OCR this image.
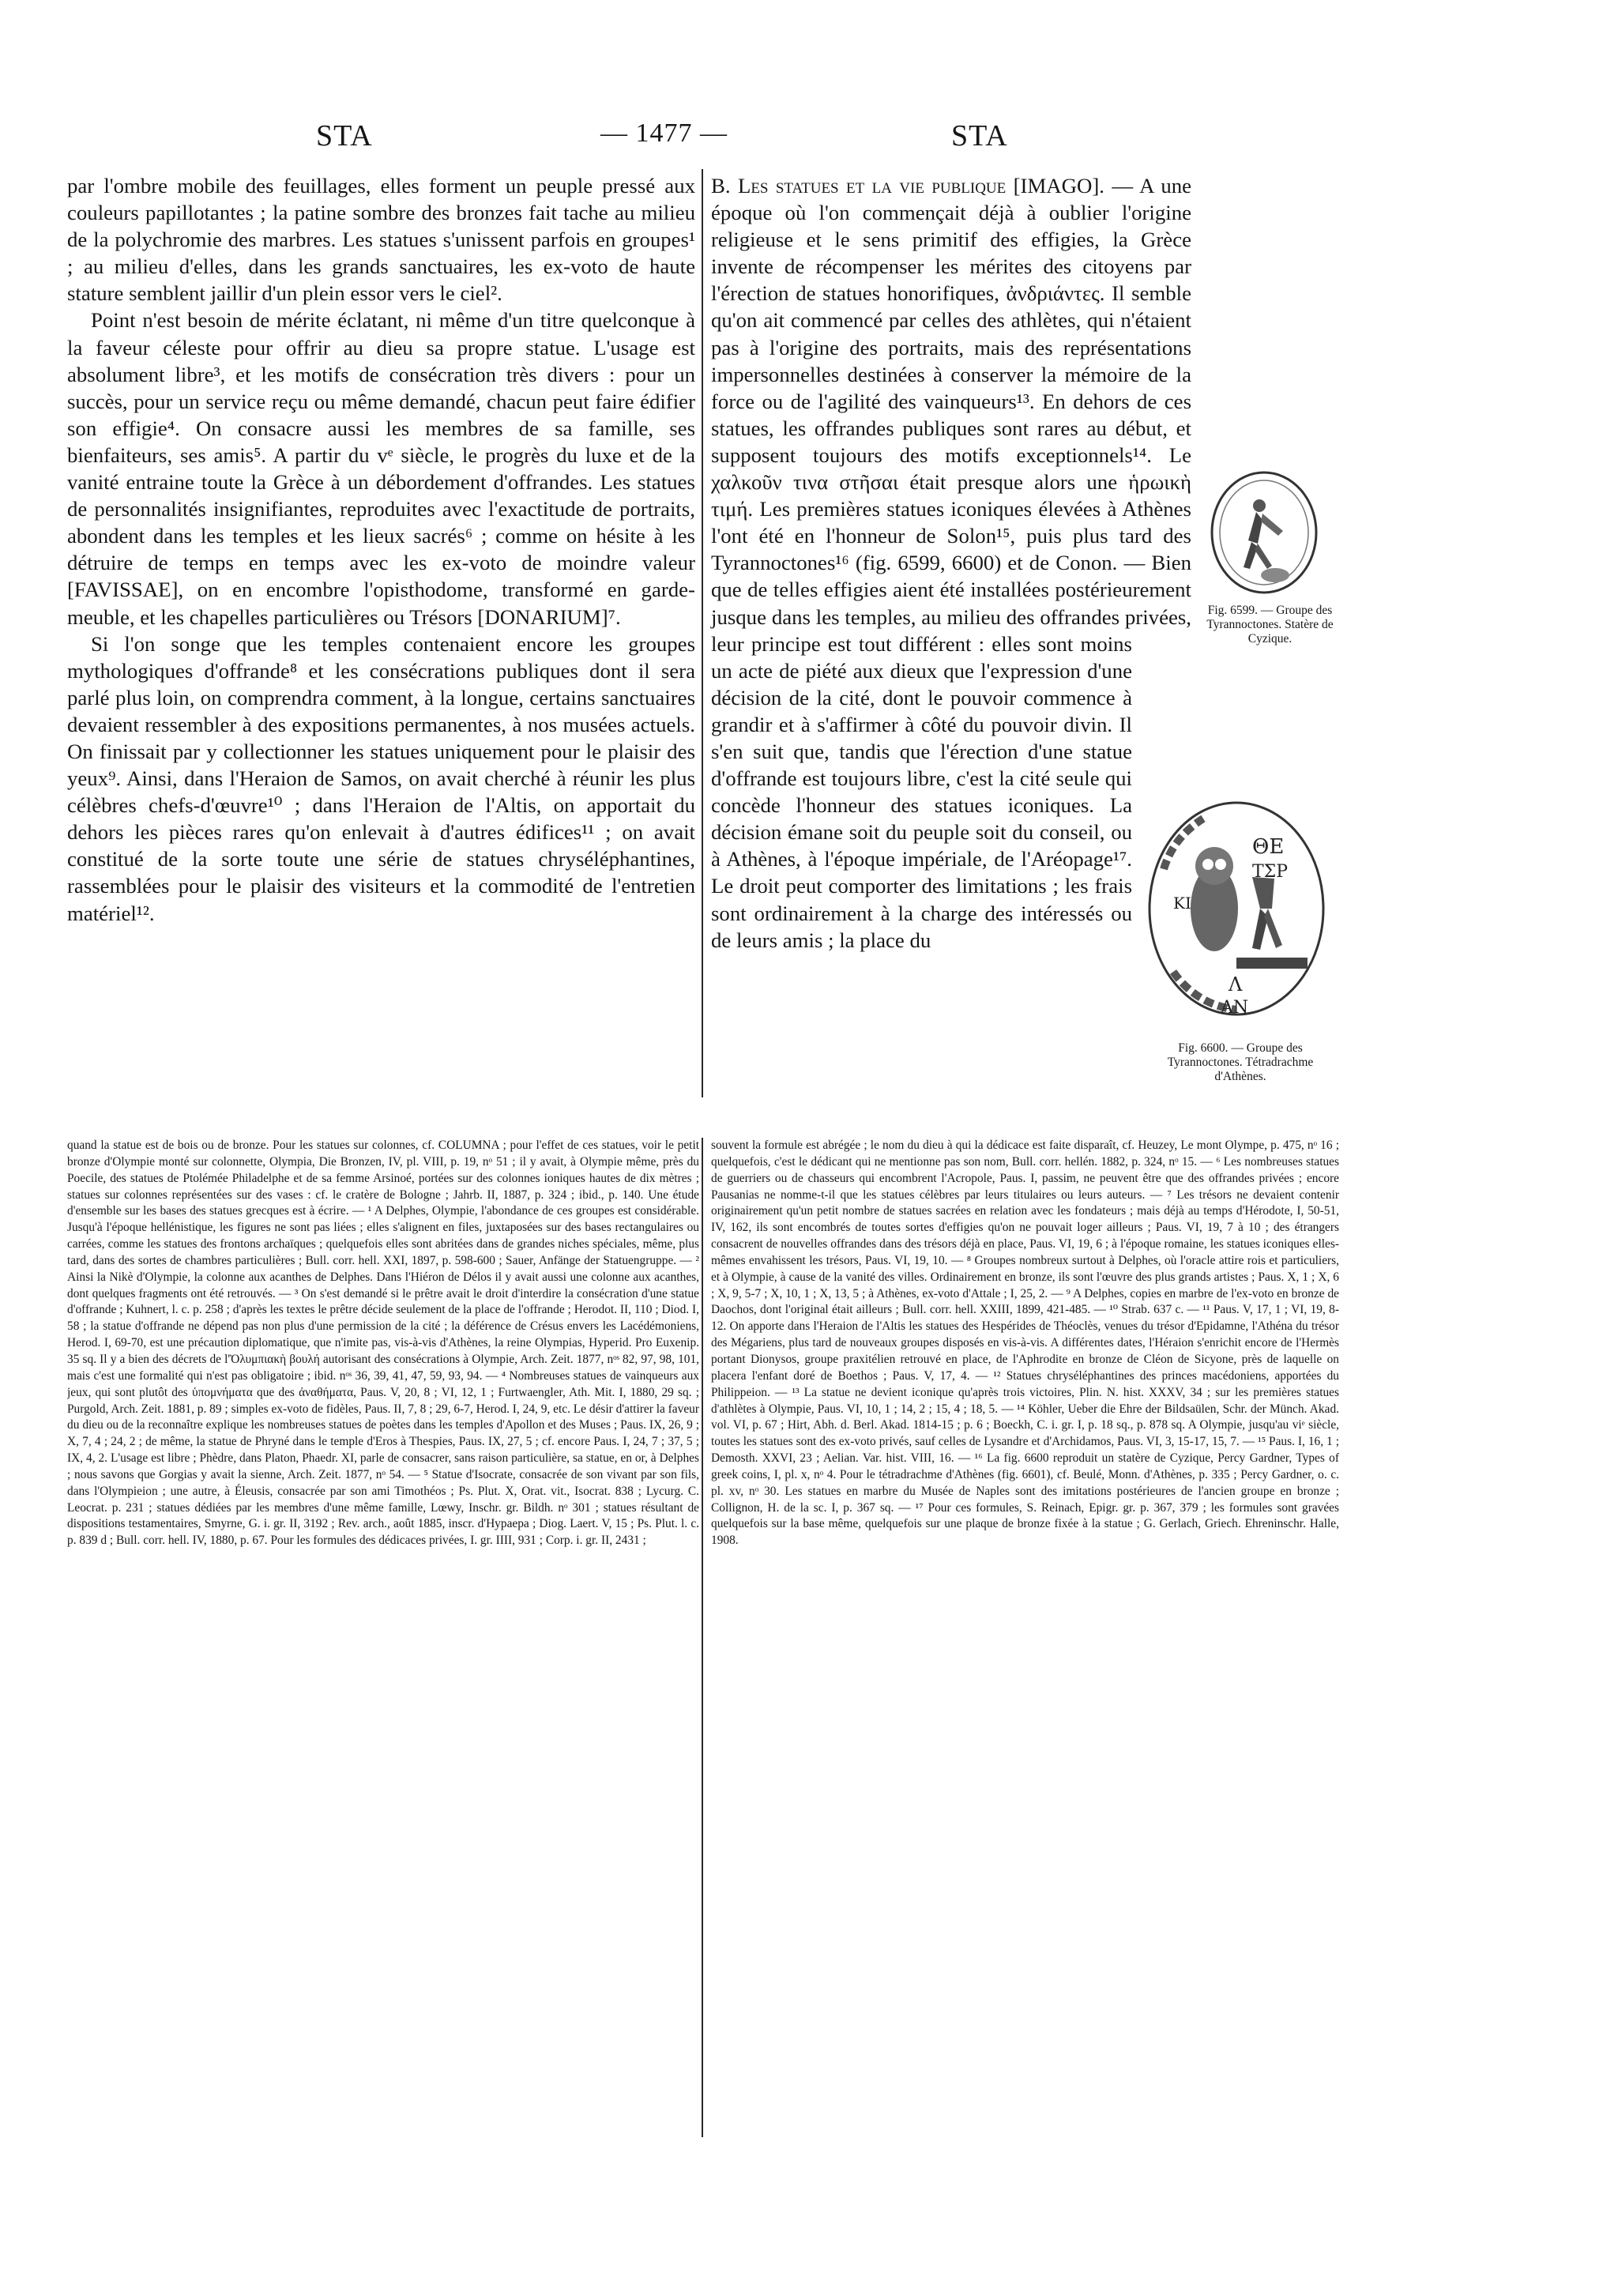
STA	— 1477 —	STA

par l'ombre mobile des feuillages, elles forment un peuple pressé aux couleurs papillotantes ; la patine sombre des bronzes fait tache au milieu de la polychromie des marbres. Les statues s'unissent parfois en groupes¹ ; au milieu d'elles, dans les grands sanctuaires, les ex-voto de haute stature semblent jaillir d'un plein essor vers le ciel².

Point n'est besoin de mérite éclatant, ni même d'un titre quelconque à la faveur céleste pour offrir au dieu sa propre statue. L'usage est absolument libre³, et les motifs de consécration très divers : pour un succès, pour un service reçu ou même demandé, chacun peut faire édifier son effigie⁴. On consacre aussi les membres de sa famille, ses bienfaiteurs, ses amis⁵. A partir du vᵉ siècle, le progrès du luxe et de la vanité entraine toute la Grèce à un débordement d'offrandes. Les statues de personnalités insignifiantes, reproduites avec l'exactitude de portraits, abondent dans les temples et les lieux sacrés⁶ ; comme on hésite à les détruire de temps en temps avec les ex-voto de moindre valeur [FAVISSAE], on en encombre l'opisthodome, transformé en garde-meuble, et les chapelles particulières ou Trésors [DONARIUM]⁷.

Si l'on songe que les temples contenaient encore les groupes mythologiques d'offrande⁸ et les consécrations publiques dont il sera parlé plus loin, on comprendra comment, à la longue, certains sanctuaires devaient ressembler à des expositions permanentes, à nos musées actuels. On finissait par y collectionner les statues uniquement pour le plaisir des yeux⁹. Ainsi, dans l'Heraion de Samos, on avait cherché à réunir les plus célèbres chefs-d'œuvre¹⁰ ; dans l'Heraion de l'Altis, on apportait du dehors les pièces rares qu'on enlevait à d'autres édifices¹¹ ; on avait constitué de la sorte toute une série de statues chryséléphantines, rassemblées pour le plaisir des visiteurs et la commodité de l'entretien matériel¹².

Fig. 6599. — Groupe des Tyrannoctones. Statère de Cyzique.
ΘΕ
ΤΣΡ
ΚΙ
Λ
ΑΝ
Fig. 6600. — Groupe des Tyrannoctones. Tétradrachme d'Athènes.

B. Les statues et la vie publique [IMAGO]. — A une époque où l'on commençait déjà à oublier l'origine religieuse et le sens primitif des effigies, la Grèce invente de récompenser les mérites des citoyens par l'érection de statues honorifiques, ἀνδριάντες. Il semble qu'on ait commencé par celles des athlètes, qui n'étaient pas à l'origine des portraits, mais des représentations impersonnelles destinées à conserver la mémoire de la force ou de l'agilité des vainqueurs¹³. En dehors de ces statues, les offrandes publiques sont rares au début, et supposent toujours des motifs exceptionnels¹⁴. Le χαλκοῦν τινα στῆσαι était presque alors une ἡρωικὴ τιμή. Les premières statues iconiques élevées à Athènes l'ont été en l'honneur de Solon¹⁵, puis plus tard des Tyrannoctones¹⁶ (fig. 6599, 6600) et de Conon. — Bien que de telles effigies aient été installées postérieurement jusque dans les temples, au milieu des offrandes privées, leur principe est tout différent : elles sont moins un acte de piété aux dieux que l'expression d'une décision de la cité, dont le pouvoir commence à grandir et à s'affirmer à côté du pouvoir divin. Il s'en suit que, tandis que l'érection d'une statue d'offrande est toujours libre, c'est la cité seule qui concède l'honneur des statues iconiques. La décision émane soit du peuple soit du conseil, ou à Athènes, à l'époque impériale, de l'Aréopage¹⁷. Le droit peut comporter des limitations ; les frais sont ordinairement à la charge des intéressés ou de leurs amis ; la place du

quand la statue est de bois ou de bronze. Pour les statues sur colonnes, cf. COLUMNA ; pour l'effet de ces statues, voir le petit bronze d'Olympie monté sur colonnette, Olympia, Die Bronzen, IV, pl. VIII, p. 19, nᵒ 51 ; il y avait, à Olympie même, près du Poecile, des statues de Ptolémée Philadelphe et de sa femme Arsinoé, portées sur des colonnes ioniques hautes de dix mètres ; statues sur colonnes représentées sur des vases : cf. le cratère de Bologne ; Jahrb. II, 1887, p. 324 ; ibid., p. 140. Une étude d'ensemble sur les bases des statues grecques est à écrire. — ¹ A Delphes, Olympie, l'abondance de ces groupes est considérable. Jusqu'à l'époque hellénistique, les figures ne sont pas liées ; elles s'alignent en files, juxtaposées sur des bases rectangulaires ou carrées, comme les statues des frontons archaïques ; quelquefois elles sont abritées dans de grandes niches spéciales, même, plus tard, dans des sortes de chambres particulières ; Bull. corr. hell. XXI, 1897, p. 598-600 ; Sauer, Anfänge der Statuengruppe. — ² Ainsi la Nikè d'Olympie, la colonne aux acanthes de Delphes. Dans l'Hiéron de Délos il y avait aussi une colonne aux acanthes, dont quelques fragments ont été retrouvés. — ³ On s'est demandé si le prêtre avait le droit d'interdire la consécration d'une statue d'offrande ; Kuhnert, l. c. p. 258 ; d'après les textes le prêtre décide seulement de la place de l'offrande ; Herodot. II, 110 ; Diod. I, 58 ; la statue d'offrande ne dépend pas non plus d'une permission de la cité ; la déférence de Crésus envers les Lacédémoniens, Herod. I, 69-70, est une précaution diplomatique, que n'imite pas, vis-à-vis d'Athènes, la reine Olympias, Hyperid. Pro Euxenip. 35 sq. Il y a bien des décrets de l'Ὀλυμπιακὴ βουλή autorisant des consécrations à Olympie, Arch. Zeit. 1877, nᵒˢ 82, 97, 98, 101, mais c'est une formalité qui n'est pas obligatoire ; ibid. nᵒˢ 36, 39, 41, 47, 59, 93, 94. — ⁴ Nombreuses statues de vainqueurs aux jeux, qui sont plutôt des ὑπομνήματα que des ἀναθήματα, Paus. V, 20, 8 ; VI, 12, 1 ; Furtwaengler, Ath. Mit. I, 1880, 29 sq. ; Purgold, Arch. Zeit. 1881, p. 89 ; simples ex-voto de fidèles, Paus. II, 7, 8 ; 29, 6-7, Herod. I, 24, 9, etc. Le désir d'attirer la faveur du dieu ou de la reconnaître explique les nombreuses statues de poètes dans les temples d'Apollon et des Muses ; Paus. IX, 26, 9 ; X, 7, 4 ; 24, 2 ; de même, la statue de Phryné dans le temple d'Eros à Thespies, Paus. IX, 27, 5 ; cf. encore Paus. I, 24, 7 ; 37, 5 ; IX, 4, 2. L'usage est libre ; Phèdre, dans Platon, Phaedr. XI, parle de consacrer, sans raison particulière, sa statue, en or, à Delphes ; nous savons que Gorgias y avait la sienne, Arch. Zeit. 1877, nᵒ 54. — ⁵ Statue d'Isocrate, consacrée de son vivant par son fils, dans l'Olympieion ; une autre, à Éleusis, consacrée par son ami Timothéos ; Ps. Plut. X, Orat. vit., Isocrat. 838 ; Lycurg. C. Leocrat. p. 231 ; statues dédiées par les membres d'une même famille, Lœwy, Inschr. gr. Bildh. nᵒ 301 ; statues résultant de dispositions testamentaires, Smyrne, G. i. gr. II, 3192 ; Rev. arch., août 1885, inscr. d'Hypaepa ; Diog. Laert. V, 15 ; Ps. Plut. l. c. p. 839 d ; Bull. corr. hell. IV, 1880, p. 67. Pour les formules des dédicaces privées, I. gr. IIII, 931 ; Corp. i. gr. II, 2431 ;

souvent la formule est abrégée ; le nom du dieu à qui la dédicace est faite disparaît, cf. Heuzey, Le mont Olympe, p. 475, nᵒ 16 ; quelquefois, c'est le dédicant qui ne mentionne pas son nom, Bull. corr. hellén. 1882, p. 324, nᵒ 15. — ⁶ Les nombreuses statues de guerriers ou de chasseurs qui encombrent l'Acropole, Paus. I, passim, ne peuvent être que des offrandes privées ; encore Pausanias ne nomme-t-il que les statues célèbres par leurs titulaires ou leurs auteurs. — ⁷ Les trésors ne devaient contenir originairement qu'un petit nombre de statues sacrées en relation avec les fondateurs ; mais déjà au temps d'Hérodote, I, 50-51, IV, 162, ils sont encombrés de toutes sortes d'effigies qu'on ne pouvait loger ailleurs ; Paus. VI, 19, 7 à 10 ; des étrangers consacrent de nouvelles offrandes dans des trésors déjà en place, Paus. VI, 19, 6 ; à l'époque romaine, les statues iconiques elles-mêmes envahissent les trésors, Paus. VI, 19, 10. — ⁸ Groupes nombreux surtout à Delphes, où l'oracle attire rois et particuliers, et à Olympie, à cause de la vanité des villes. Ordinairement en bronze, ils sont l'œuvre des plus grands artistes ; Paus. X, 1 ; X, 6 ; X, 9, 5-7 ; X, 10, 1 ; X, 13, 5 ; à Athènes, ex-voto d'Attale ; I, 25, 2. — ⁹ A Delphes, copies en marbre de l'ex-voto en bronze de Daochos, dont l'original était ailleurs ; Bull. corr. hell. XXIII, 1899, 421-485. — ¹⁰ Strab. 637 c. — ¹¹ Paus. V, 17, 1 ; VI, 19, 8-12. On apporte dans l'Heraion de l'Altis les statues des Hespérides de Théoclès, venues du trésor d'Epidamne, l'Athéna du trésor des Mégariens, plus tard de nouveaux groupes disposés en vis-à-vis. A différentes dates, l'Héraion s'enrichit encore de l'Hermès portant Dionysos, groupe praxitélien retrouvé en place, de l'Aphrodite en bronze de Cléon de Sicyone, près de laquelle on placera l'enfant doré de Boethos ; Paus. V, 17, 4. — ¹² Statues chryséléphantines des princes macédoniens, apportées du Philippeion. — ¹³ La statue ne devient iconique qu'après trois victoires, Plin. N. hist. XXXV, 34 ; sur les premières statues d'athlètes à Olympie, Paus. VI, 10, 1 ; 14, 2 ; 15, 4 ; 18, 5. — ¹⁴ Köhler, Ueber die Ehre der Bildsaülen, Schr. der Münch. Akad. vol. VI, p. 67 ; Hirt, Abh. d. Berl. Akad. 1814-15 ; p. 6 ; Boeckh, C. i. gr. I, p. 18 sq., p. 878 sq. A Olympie, jusqu'au viᵉ siècle, toutes les statues sont des ex-voto privés, sauf celles de Lysandre et d'Archidamos, Paus. VI, 3, 15-17, 15, 7. — ¹⁵ Paus. I, 16, 1 ; Demosth. XXVI, 23 ; Aelian. Var. hist. VIII, 16. — ¹⁶ La fig. 6600 reproduit un statère de Cyzique, Percy Gardner, Types of greek coins, I, pl. x, nᵒ 4. Pour le tétradrachme d'Athènes (fig. 6601), cf. Beulé, Monn. d'Athènes, p. 335 ; Percy Gardner, o. c. pl. xv, nᵒ 30. Les statues en marbre du Musée de Naples sont des imitations postérieures de l'ancien groupe en bronze ; Collignon, H. de la sc. I, p. 367 sq. — ¹⁷ Pour ces formules, S. Reinach, Epigr. gr. p. 367, 379 ; les formules sont gravées quelquefois sur la base même, quelquefois sur une plaque de bronze fixée à la statue ; G. Gerlach, Griech. Ehreninschr. Halle, 1908.
